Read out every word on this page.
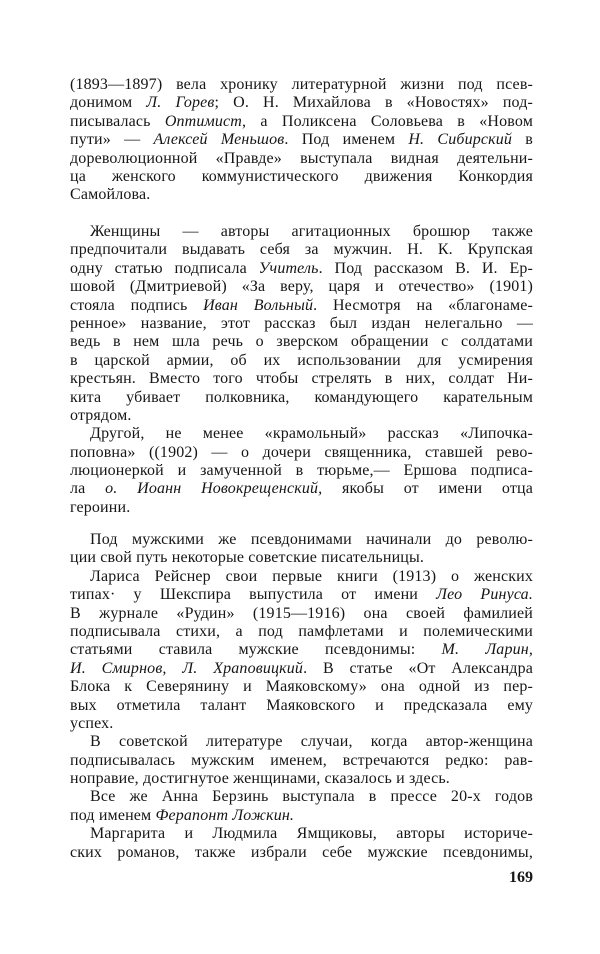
(1893—1897) вела хронику литературной жизни под псев-
донимом Л. Горев; О. Н. Михайлова в «Новостях» под-
писывалась Оптимист, а Поликсена Соловьева в «Новом
пути» — Алексей Меньшов. Под именем Н. Сибирский в
дореволюционной «Правде» выступала видная деятельни-
ца женского коммунистического движения Конкордия
Самойлова.
Женщины — авторы агитационных брошюр также
предпочитали выдавать себя за мужчин. Н. К. Крупская
одну статью подписала Учитель. Под рассказом В. И. Ер-
шовой (Дмитриевой) «За веру, царя и отечество» (1901)
стояла подпись Иван Вольный. Несмотря на «благонаме-
ренное» название, этот рассказ был издан нелегально —
ведь в нем шла речь о зверском обращении с солдатами
в царской армии, об их использовании для усмирения
крестьян. Вместо того чтобы стрелять в них, солдат Ни-
кита убивает полковника, командующего карательным
отрядом.
Другой, не менее «крамольный» рассказ «Липочка-
поповна» ((1902) — о дочери священника, ставшей рево-
люционеркой и замученной в тюрьме,— Ершова подписа-
ла о. Иоанн Новокрещенский, якобы от имени отца
героини.
Под мужскими же псевдонимами начинали до револю-
ции свой путь некоторые советские писательницы.
Лариса Рейснер свои первые книги (1913) о женских
типах· у Шекспира выпустила от имени Лео Ринуса.
В журнале «Рудин» (1915—1916) она своей фамилией
подписывала стихи, а под памфлетами и полемическими
статьями ставила мужские псевдонимы: М. Ларин,
И. Смирнов, Л. Храповицкий. В статье «От Александра
Блока к Северянину и Маяковскому» она одной из пер-
вых отметила талант Маяковского и предсказала ему
успех.
В советской литературе случаи, когда автор-женщина
подписывалась мужским именем, встречаются редко: рав-
ноправие, достигнутое женщинами, сказалось и здесь.
Все же Анна Берзинь выступала в прессе 20-х годов
под именем Ферапонт Ложкин.
Маргарита и Людмила Ямщиковы, авторы историче-
ских романов, также избрали себе мужские псевдонимы,
169
